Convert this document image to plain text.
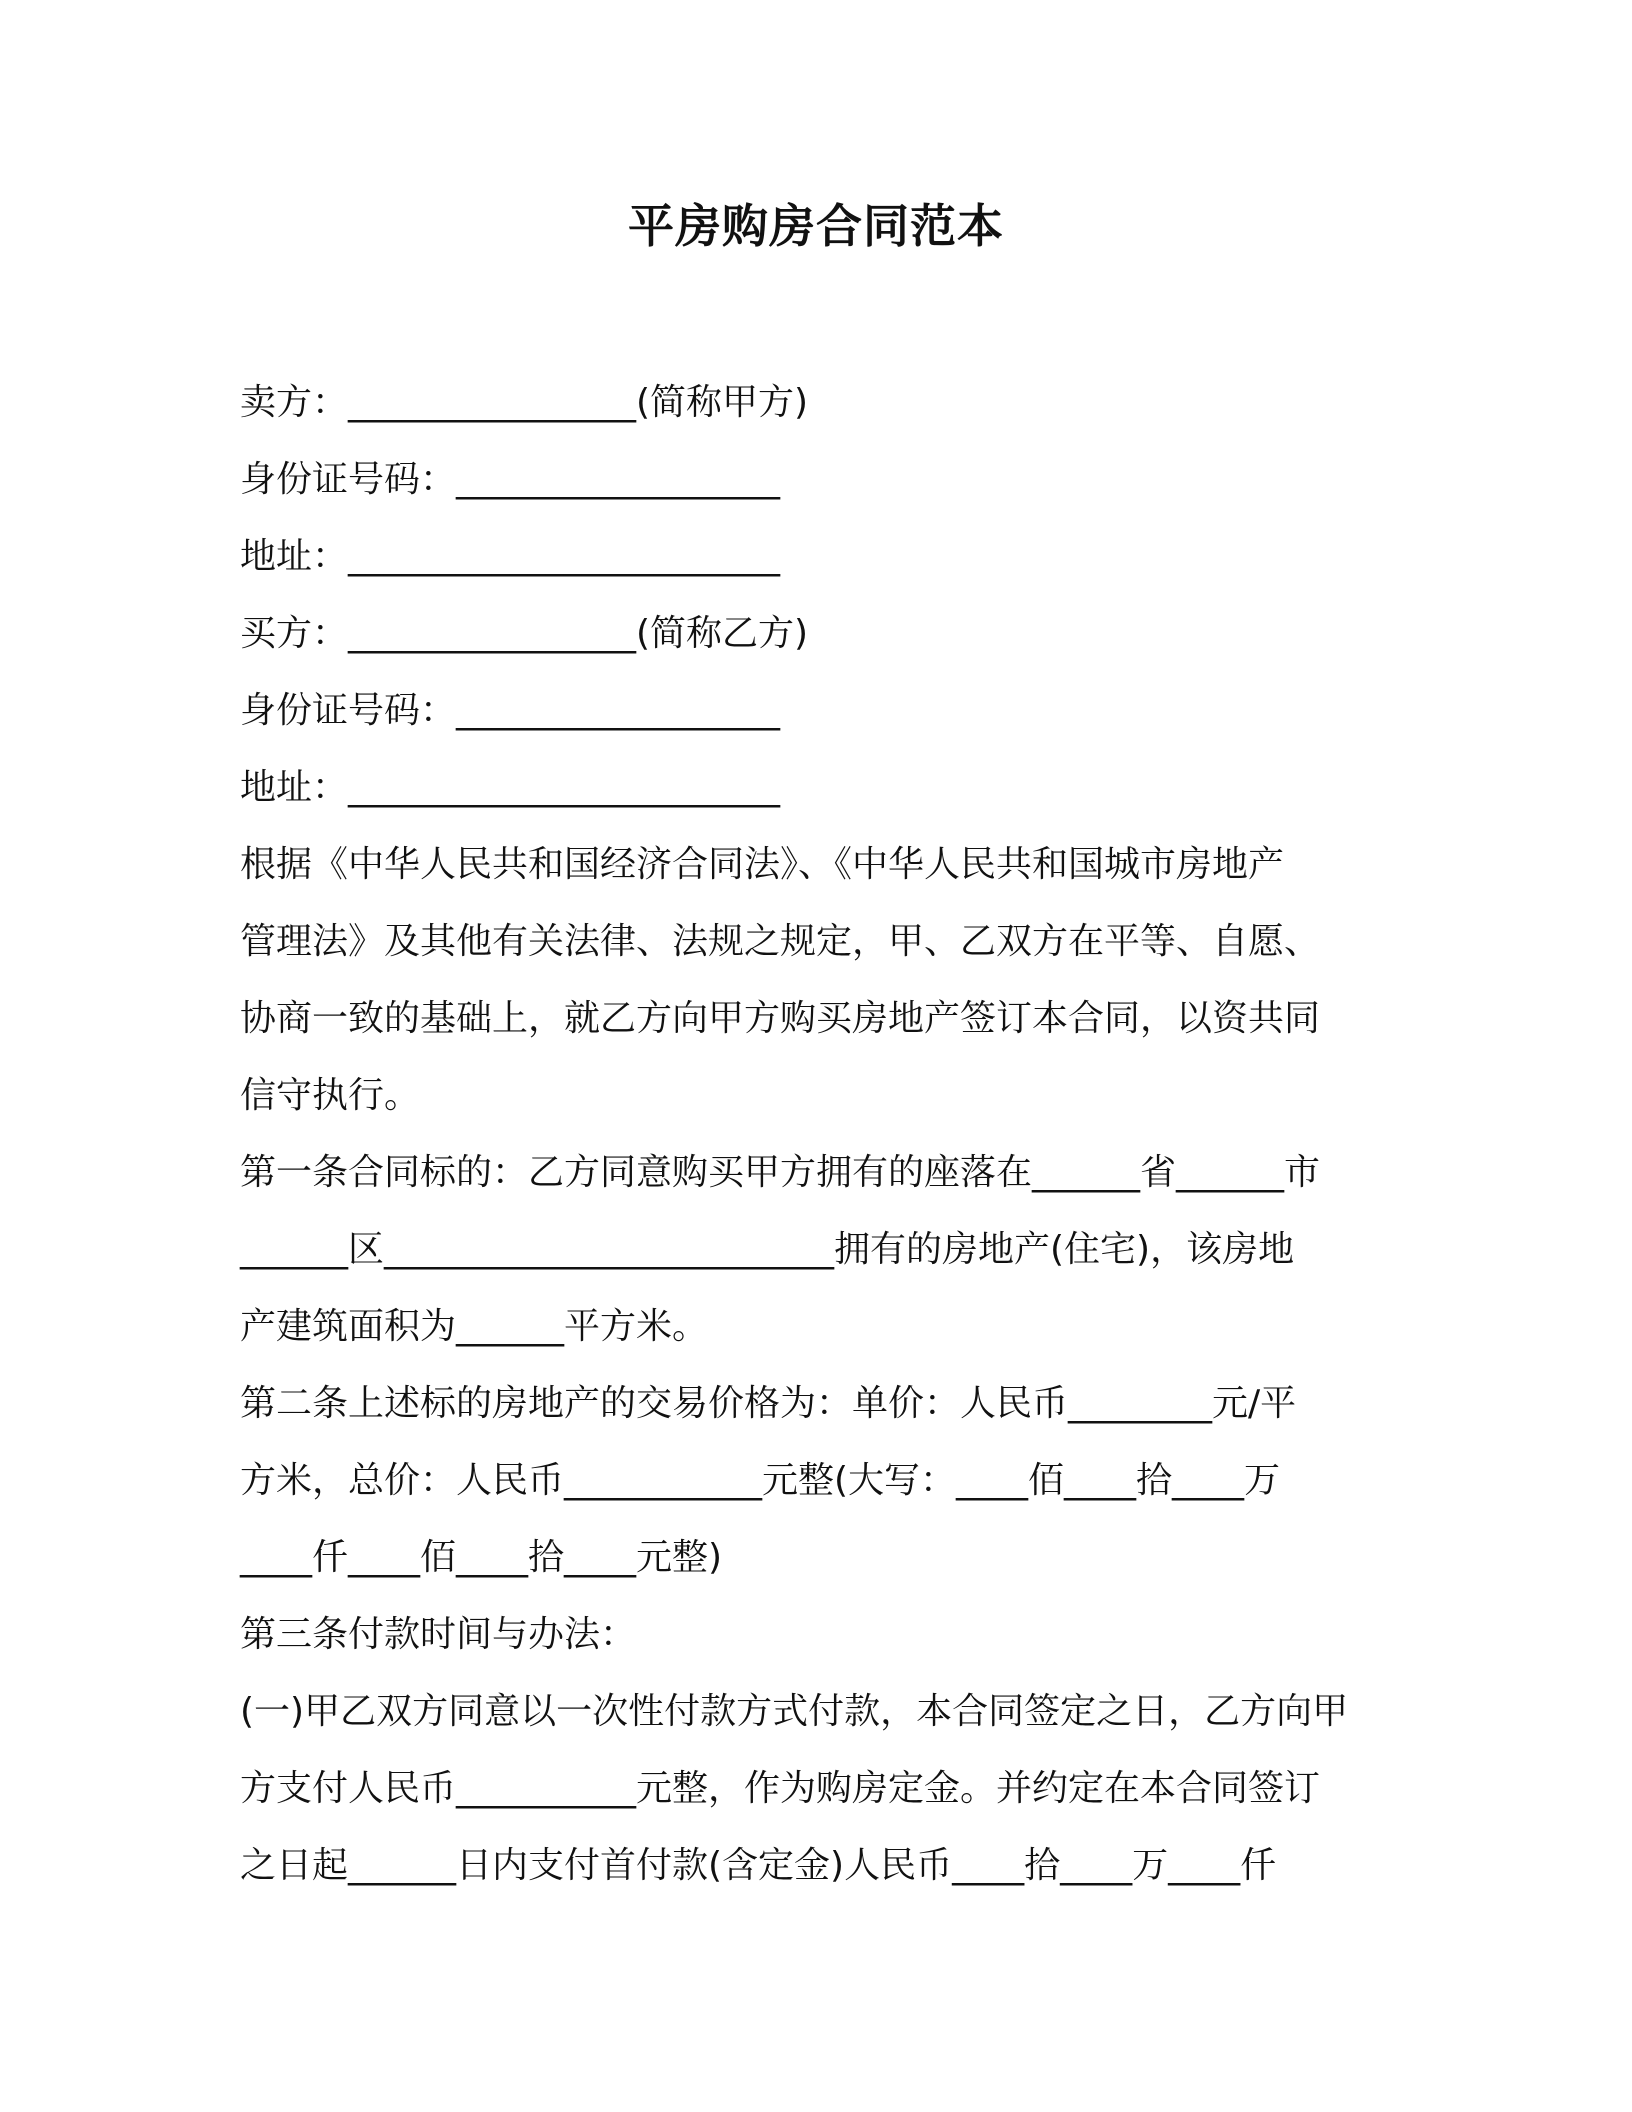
平房购房合同范本
卖方：________________(简称甲方)
身份证号码：__________________
地址：________________________
买方：________________(简称乙方)
身份证号码：__________________
地址：________________________
根据《中华人民共和国经济合同法》、《中华人民共和国城市房地产
管理法》及其他有关法律、法规之规定，甲、乙双方在平等、自愿、
协商一致的基础上，就乙方向甲方购买房地产签订本合同，以资共同
信守执行。
第一条合同标的：乙方同意购买甲方拥有的座落在______省______市
______区_________________________拥有的房地产(住宅)，该房地
产建筑面积为______平方米。
第二条上述标的房地产的交易价格为：单价：人民币________元/平
方米，总价：人民币___________元整(大写：____佰____拾____万
____仟____佰____拾____元整)
第三条付款时间与办法：
(一)甲乙双方同意以一次性付款方式付款，本合同签定之日，乙方向甲
方支付人民币__________元整，作为购房定金。并约定在本合同签订
之日起______日内支付首付款(含定金)人民币____拾____万____仟
